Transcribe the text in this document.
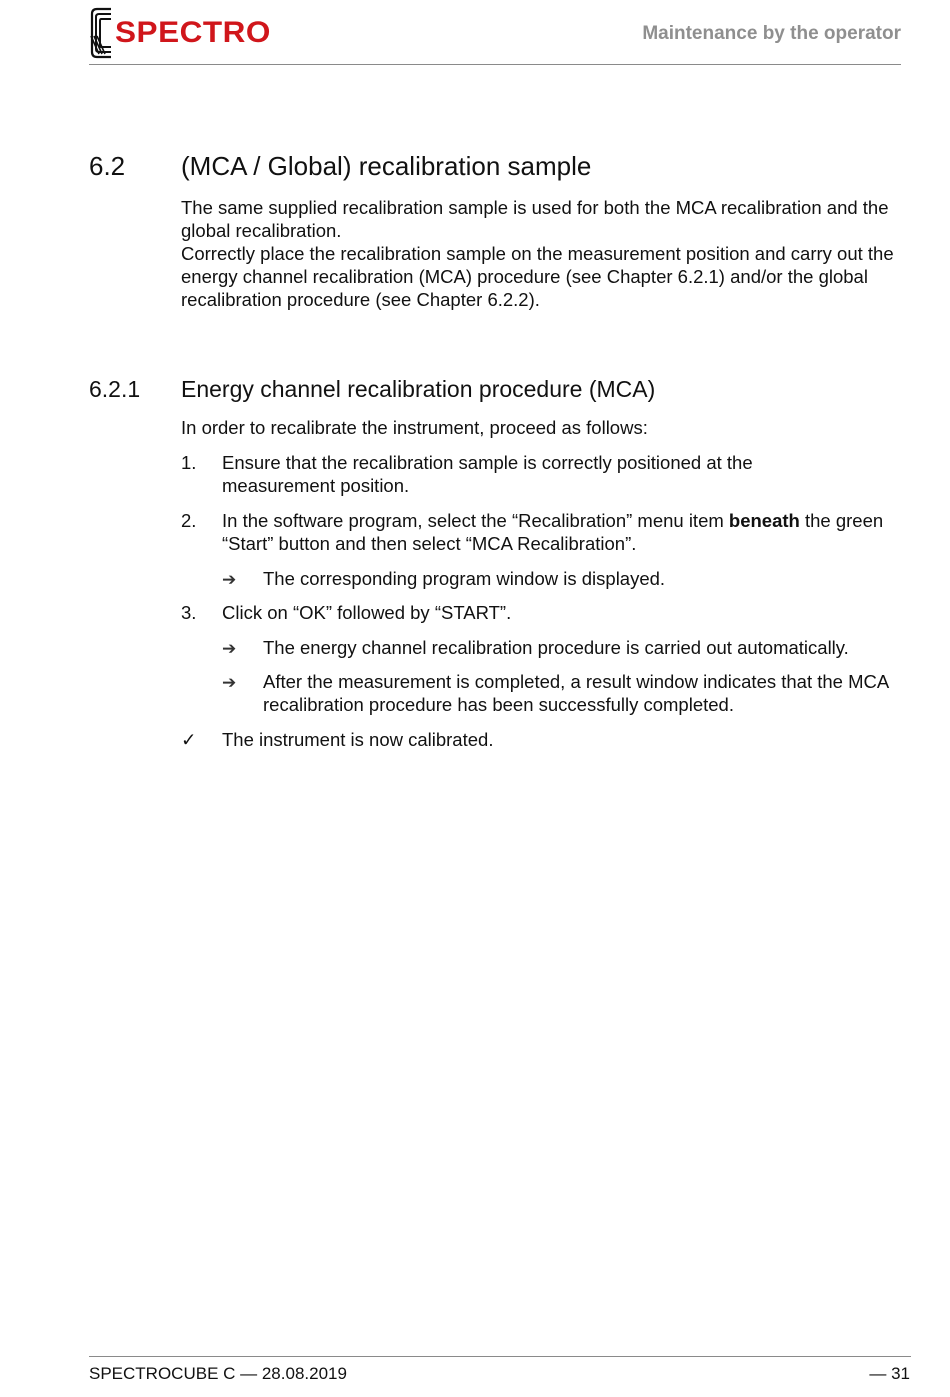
SPECTRO	Maintenance by the operator
6.2 (MCA / Global) recalibration sample
The same supplied recalibration sample is used for both the MCA recalibration and the global recalibration.
Correctly place the recalibration sample on the measurement position and carry out the energy channel recalibration (MCA) procedure (see Chapter 6.2.1) and/or the global recalibration procedure (see Chapter 6.2.2).
6.2.1 Energy channel recalibration procedure (MCA)
In order to recalibrate the instrument, proceed as follows:
1. Ensure that the recalibration sample is correctly positioned at the measurement position.
2. In the software program, select the “Recalibration” menu item beneath the green “Start” button and then select “MCA Recalibration”.
➔ The corresponding program window is displayed.
3. Click on “OK” followed by “START”.
➔ The energy channel recalibration procedure is carried out automatically.
➔ After the measurement is completed, a result window indicates that the MCA recalibration procedure has been successfully completed.
✓ The instrument is now calibrated.
SPECTROCUBE C — 28.08.2019	— 31
